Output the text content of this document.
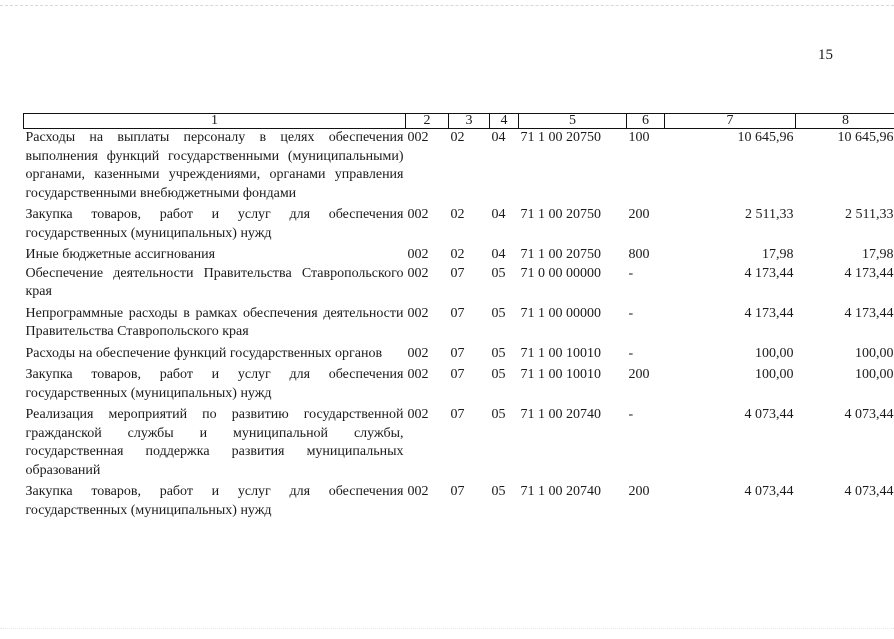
15
1	2	3	4	5	6	7	8
Расходы на выплаты персоналу в целях обеспечения выполнения функций государственными (муниципальными) органами, казенными учреждениями, органами управления государственными внебюджетными фондами	002	02	04	71 1 00 20750	100	10 645,96	10 645,96
Закупка товаров, работ и услуг для обеспечения государственных (муниципальных) нужд	002	02	04	71 1 00 20750	200	2 511,33	2 511,33
Иные бюджетные ассигнования	002	02	04	71 1 00 20750	800	17,98	17,98
Обеспечение деятельности Правительства Ставропольского края	002	07	05	71 0 00 00000	-	4 173,44	4 173,44
Непрограммные расходы в рамках обеспечения деятельности Правительства Ставропольского края	002	07	05	71 1 00 00000	-	4 173,44	4 173,44
Расходы на обеспечение функций государственных органов	002	07	05	71 1 00 10010	-	100,00	100,00
Закупка товаров, работ и услуг для обеспечения государственных (муниципальных) нужд	002	07	05	71 1 00 10010	200	100,00	100,00
Реализация мероприятий по развитию государственной гражданской службы и муниципальной службы, государственная поддержка развития муниципальных образований	002	07	05	71 1 00 20740	-	4 073,44	4 073,44
Закупка товаров, работ и услуг для обеспечения государственных (муниципальных) нужд	002	07	05	71 1 00 20740	200	4 073,44	4 073,44
